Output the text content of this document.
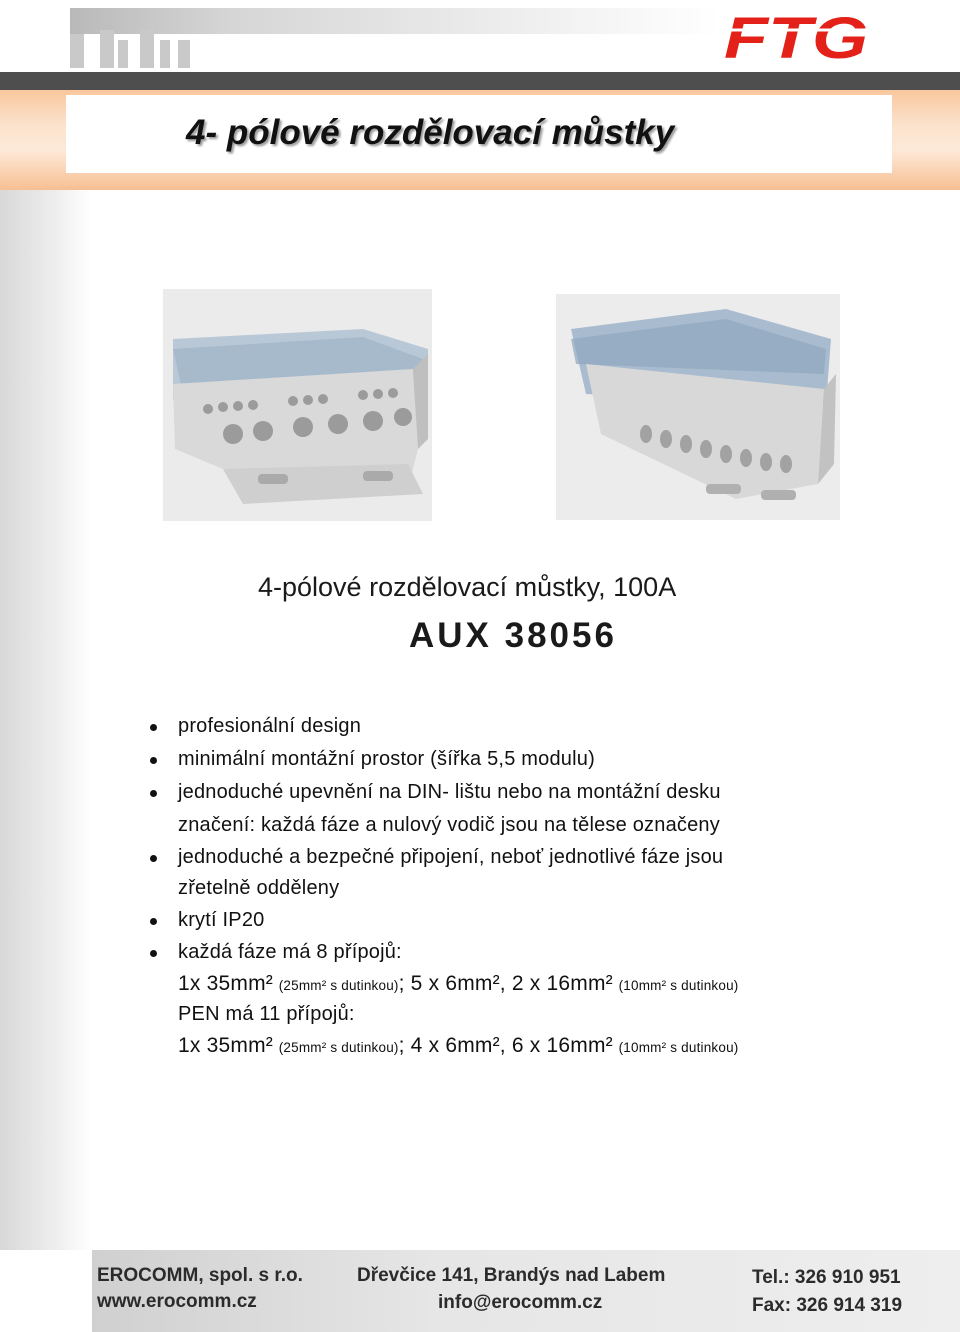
FTG
4- pólové rozdělovací můstky
4-pólové rozdělovací můstky, 100A
AUX 38056
profesionální design
minimální montážní prostor (šířka 5,5 modulu)
jednoduché upevnění na DIN- lištu nebo na montážní desku
značení: každá fáze a nulový vodič jsou na tělese označeny
jednoduché a bezpečné připojení, neboť jednotlivé fáze jsou
zřetelně odděleny
krytí IP20
každá fáze má 8 přípojů:
1x 35mm² (25mm² s dutinkou); 5 x 6mm², 2 x 16mm² (10mm² s dutinkou)
PEN má 11 přípojů:
1x 35mm² (25mm² s dutinkou); 4 x 6mm², 6 x 16mm² (10mm² s dutinkou)
EROCOMM, spol. s r.o.
www.erocomm.cz
Dřevčice 141, Brandýs nad Labem
info@erocomm.cz
Tel.: 326 910 951
Fax: 326 914 319
